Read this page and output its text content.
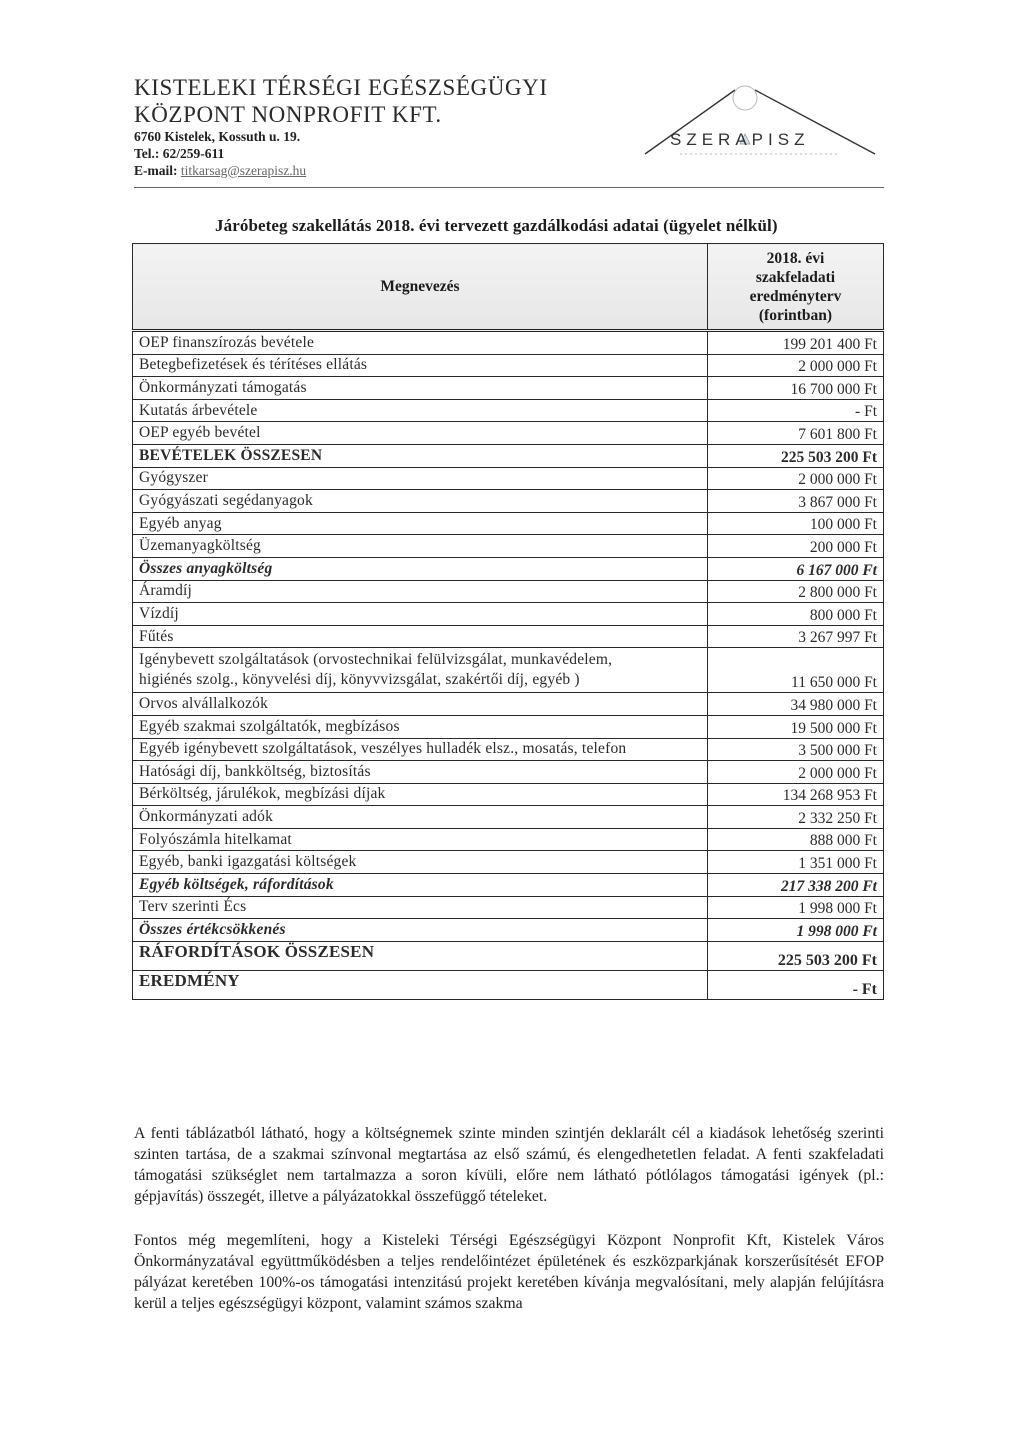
KISTELEKI TÉRSÉGI EGÉSZSÉGÜGYI
KÖZPONT NONPROFIT KFT.
6760 Kistelek, Kossuth u. 19.
Tel.: 62/259-611
E-mail: titkarsag@szerapisz.hu
SZERAPISZ
Járóbeteg szakellátás 2018. évi tervezett gazdálkodási adatai (ügyelet nélkül)
Megnevezés	2018. évi
szakfeladati
eredményterv
(forintban)

OEP finanszírozás bevétele	199 201 400 Ft
Betegbefizetések és térítéses ellátás	2 000 000 Ft
Önkormányzati támogatás	16 700 000 Ft
Kutatás árbevétele	- Ft
OEP egyéb bevétel	7 601 800 Ft
BEVÉTELEK ÖSSZESEN	225 503 200 Ft
Gyógyszer	2 000 000 Ft
Gyógyászati segédanyagok	3 867 000 Ft
Egyéb anyag	100 000 Ft
Üzemanyagköltség	200 000 Ft
Összes anyagköltség	6 167 000 Ft
Áramdíj	2 800 000 Ft
Vízdíj	800 000 Ft
Fűtés	3 267 997 Ft

Igénybevett szolgáltatások (orvostechnikai felülvizsgálat, munkavédelem,
higiénés szolg., könyvelési díj, könyvvizsgálat, szakértői díj, egyéb )	11 650 000 Ft
Orvos alvállalkozók	34 980 000 Ft
Egyéb szakmai szolgáltatók, megbízásos	19 500 000 Ft
Egyéb igénybevett szolgáltatások, veszélyes hulladék elsz., mosatás, telefon	3 500 000 Ft
Hatósági díj, bankköltség, biztosítás	2 000 000 Ft
Bérköltség, járulékok, megbízási díjak	134 268 953 Ft
Önkormányzati adók	2 332 250 Ft
Folyószámla hitelkamat	888 000 Ft
Egyéb, banki igazgatási költségek	1 351 000 Ft
Egyéb költségek, ráfordítások	217 338 200 Ft
Terv szerinti Écs	1 998 000 Ft
Összes értékcsökkenés	1 998 000 Ft
RÁFORDÍTÁSOK ÖSSZESEN	225 503 200 Ft
EREDMÉNY	- Ft

A fenti táblázatból látható, hogy a költségnemek szinte minden szintjén deklarált cél a kiadások lehetőség szerinti szinten tartása, de a szakmai színvonal megtartása az első számú, és elengedhetetlen feladat. A fenti szakfeladati támogatási szükséglet nem tartalmazza a soron kívüli, előre nem látható pótlólagos támogatási igények (pl.: gépjavítás) összegét, illetve a pályázatokkal összefüggő tételeket.

Fontos még megemlíteni, hogy a Kisteleki Térségi Egészségügyi Központ Nonprofit Kft, Kistelek Város Önkormányzatával együttműködésben a teljes rendelőintézet épületének és eszközparkjának korszerűsítését EFOP pályázat keretében 100%-os támogatási intenzitású projekt keretében kívánja megvalósítani, mely alapján felújításra kerül a teljes egészségügyi központ, valamint számos szakma
